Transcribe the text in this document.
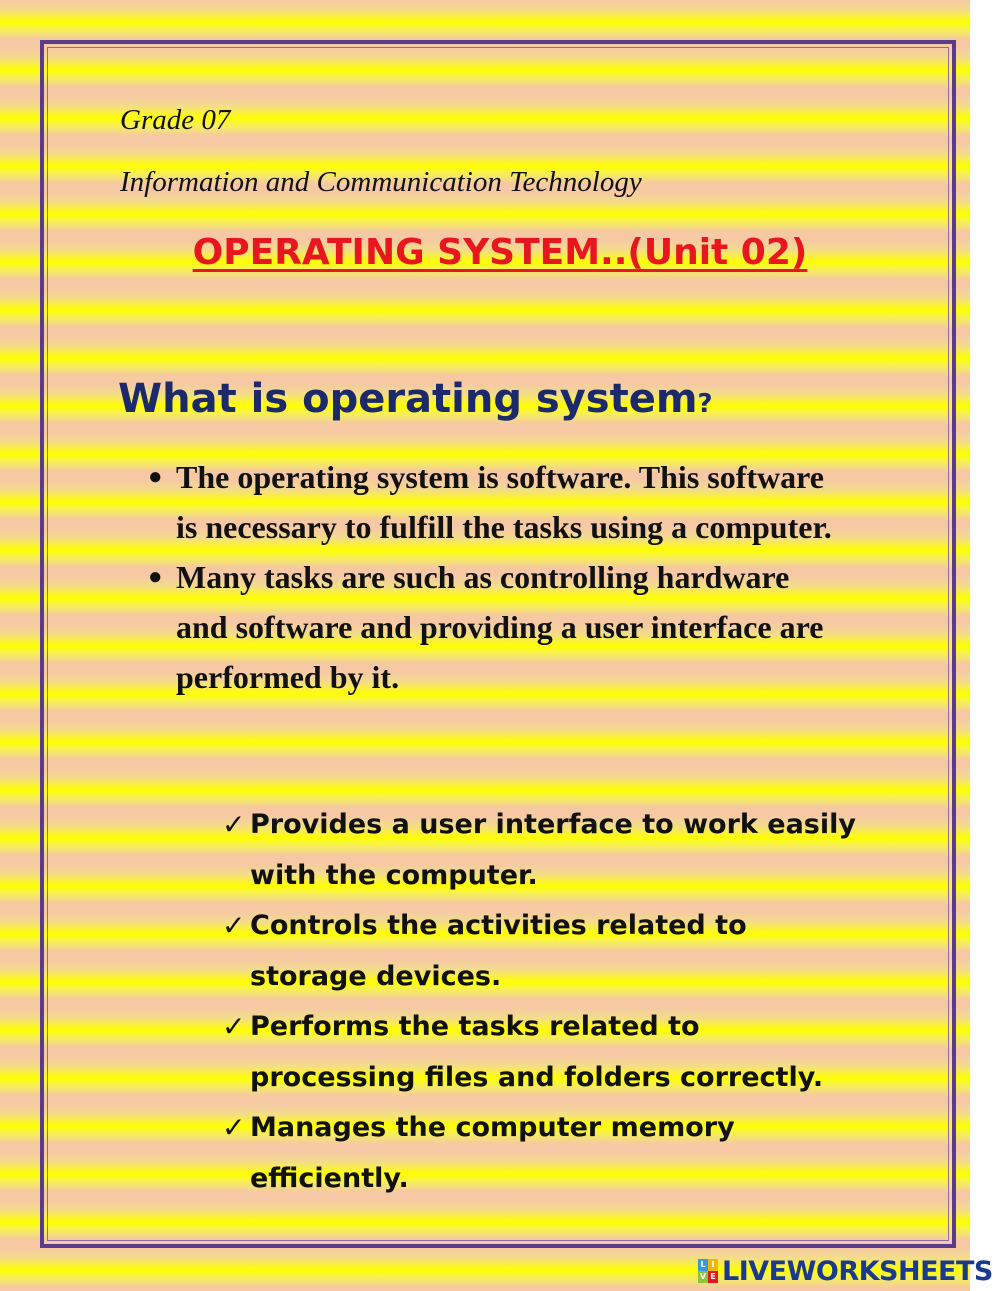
Grade 07

Information and Communication Technology

OPERATING SYSTEM..(Unit 02)
What is operating system?
● The operating system is software. This software is necessary to fulfill the tasks using a computer.
● Many tasks are such as controlling hardware and software and providing a user interface are performed by it.
✓ Provides a user interface to work easily with the computer.
✓ Controls the activities related to storage devices.
✓ Performs the tasks related to processing files and folders correctly.
✓ Manages the computer memory efficiently.
L I
V E LIVEWORKSHEETS
